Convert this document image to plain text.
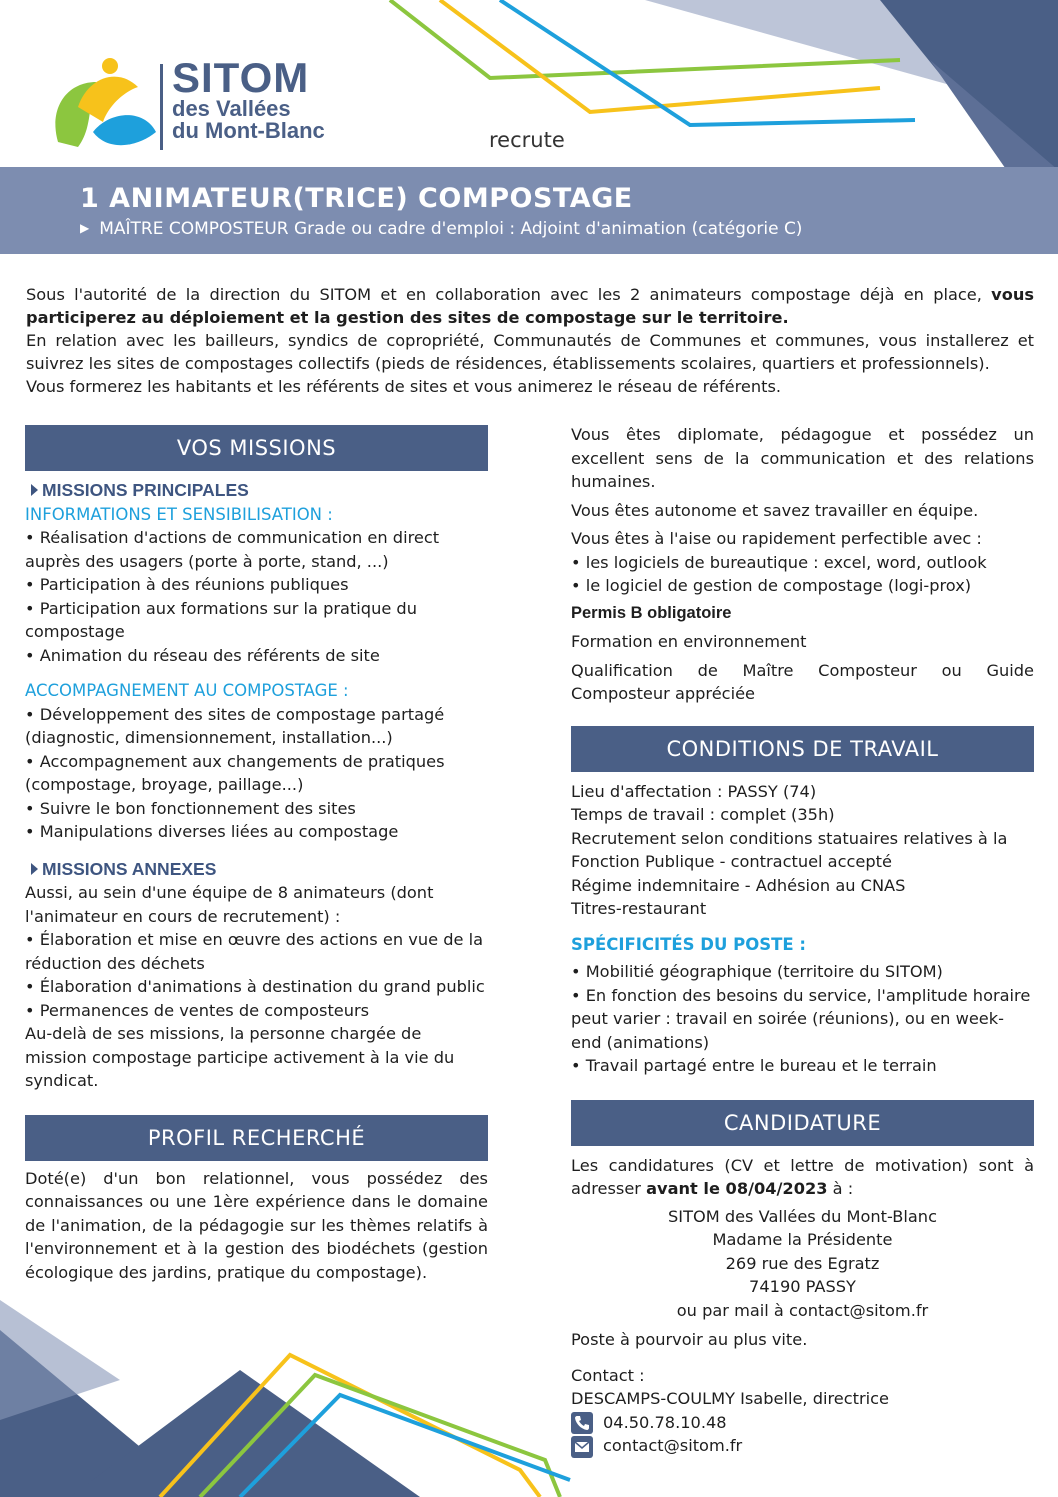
SITOM
des Vallées
du Mont-Blanc	recrute
1 ANIMATEUR(TRICE) COMPOSTAGE
▶ MAÎTRE COMPOSTEUR Grade ou cadre d'emploi : Adjoint d'animation (catégorie C)

Sous l'autorité de la direction du SITOM et en collaboration avec les 2 animateurs compostage déjà en place, vous participerez au déploiement et la gestion des sites de compostage sur le territoire.

En relation avec les bailleurs, syndics de copropriété, Communautés de Communes et communes, vous installerez et suivrez les sites de compostages collectifs (pieds de résidences, établissements scolaires, quartiers et professionnels).

Vous formerez les habitants et les référents de sites et vous animerez le réseau de référents.

VOS MISSIONS
MISSIONS PRINCIPALES
INFORMATIONS ET SENSIBILISATION :

• Réalisation d'actions de communication en direct auprès des usagers (porte à porte, stand, ...)

• Participation à des réunions publiques

• Participation aux formations sur la pratique du compostage

• Animation du réseau des référents de site

ACCOMPAGNEMENT AU COMPOSTAGE :

• Développement des sites de compostage partagé (diagnostic, dimensionnement, installation...)

• Accompagnement aux changements de pratiques (compostage, broyage, paillage...)

• Suivre le bon fonctionnement des sites

• Manipulations diverses liées au compostage

MISSIONS ANNEXES

Aussi, au sein d'une équipe de 8 animateurs (dont l'animateur en cours de recrutement) :

• Élaboration et mise en œuvre des actions en vue de la réduction des déchets

• Élaboration d'animations à destination du grand public

• Permanences de ventes de composteurs

Au-delà de ses missions, la personne chargée de mission compostage participe activement à la vie du syndicat.

PROFIL RECHERCHÉ

Doté(e) d'un bon relationnel, vous possédez des connaissances ou une 1ère expérience dans le domaine de l'animation, de la pédagogie sur les thèmes relatifs à l'environnement et à la gestion des biodéchets (gestion écologique des jardins, pratique du compostage).

Vous êtes diplomate, pédagogue et possédez un excellent sens de la communication et des relations humaines.

Vous êtes autonome et savez travailler en équipe.

Vous êtes à l'aise ou rapidement perfectible avec :

• les logiciels de bureautique : excel, word, outlook

• le logiciel de gestion de compostage (logi-prox)

Permis B obligatoire

Formation en environnement

Qualification de Maître Composteur ou Guide Composteur appréciée

CONDITIONS DE TRAVAIL

Lieu d'affectation : PASSY (74)

Temps de travail : complet (35h)

Recrutement selon conditions statuaires relatives à la Fonction Publique - contractuel accepté

Régime indemnitaire - Adhésion au CNAS

Titres-restaurant

SPÉCIFICITÉS DU POSTE :

• Mobilitié géographique (territoire du SITOM)

• En fonction des besoins du service, l'amplitude horaire peut varier : travail en soirée (réunions), ou en week-end (animations)

• Travail partagé entre le bureau et le terrain

CANDIDATURE

Les candidatures (CV et lettre de motivation) sont à adresser avant le 08/04/2023 à :

SITOM des Vallées du Mont-Blanc

Madame la Présidente

269 rue des Egratz

74190 PASSY

ou par mail à contact@sitom.fr

Poste à pourvoir au plus vite.

Contact :

DESCAMPS-COULMY Isabelle, directrice

04.50.78.10.48

contact@sitom.fr
